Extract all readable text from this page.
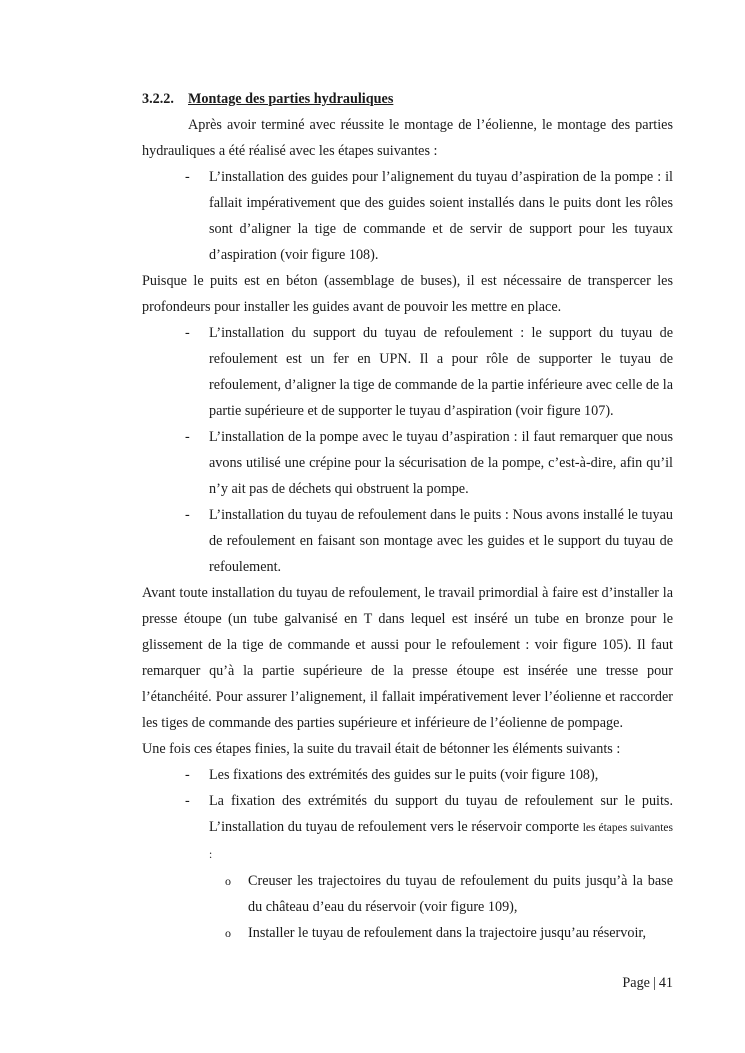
3.2.2. Montage des parties hydrauliques

Après avoir terminé avec réussite le montage de l’éolienne, le montage des parties hydrauliques a été réalisé avec les étapes suivantes :

- L’installation des guides pour l’alignement du tuyau d’aspiration de la pompe : il fallait impérativement que des guides soient installés dans le puits dont les rôles sont d’aligner la tige de commande et de servir de support pour les tuyaux d’aspiration (voir figure 108).

Puisque le puits est en béton (assemblage de buses), il est nécessaire de transpercer les profondeurs pour installer les guides avant de pouvoir les mettre en place.

- L’installation du support du tuyau de refoulement : le support du tuyau de refoulement est un fer en UPN. Il a pour rôle de supporter le tuyau de refoulement, d’aligner la tige de commande de la partie inférieure avec celle de la partie supérieure et de supporter le tuyau d’aspiration (voir figure 107).
- L’installation de la pompe avec le tuyau d’aspiration : il faut remarquer que nous avons utilisé une crépine pour la sécurisation de la pompe, c’est-à-dire, afin qu’il n’y ait pas de déchets qui obstruent la pompe.
- L’installation du tuyau de refoulement dans le puits : Nous avons installé le tuyau de refoulement en faisant son montage avec les guides et le support du tuyau de refoulement.

Avant toute installation du tuyau de refoulement, le travail primordial à faire est d’installer la presse étoupe (un tube galvanisé en T dans lequel est inséré un tube en bronze pour le glissement de la tige de commande et aussi pour le refoulement : voir figure 105). Il faut remarquer qu’à la partie supérieure de la presse étoupe est insérée une tresse pour l’étanchéité. Pour assurer l’alignement, il fallait impérativement lever l’éolienne et raccorder les tiges de commande des parties supérieure et inférieure de l’éolienne de pompage.

Une fois ces étapes finies, la suite du travail était de bétonner les éléments suivants :

- Les fixations des extrémités des guides sur le puits (voir figure 108),
- La fixation des extrémités du support du tuyau de refoulement sur le puits. L’installation du tuyau de refoulement vers le réservoir comporte les étapes suivantes :
o Creuser les trajectoires du tuyau de refoulement du puits jusqu’à la base du château d’eau du réservoir (voir figure 109),
o Installer le tuyau de refoulement dans la trajectoire jusqu’au réservoir,
Page | 41
